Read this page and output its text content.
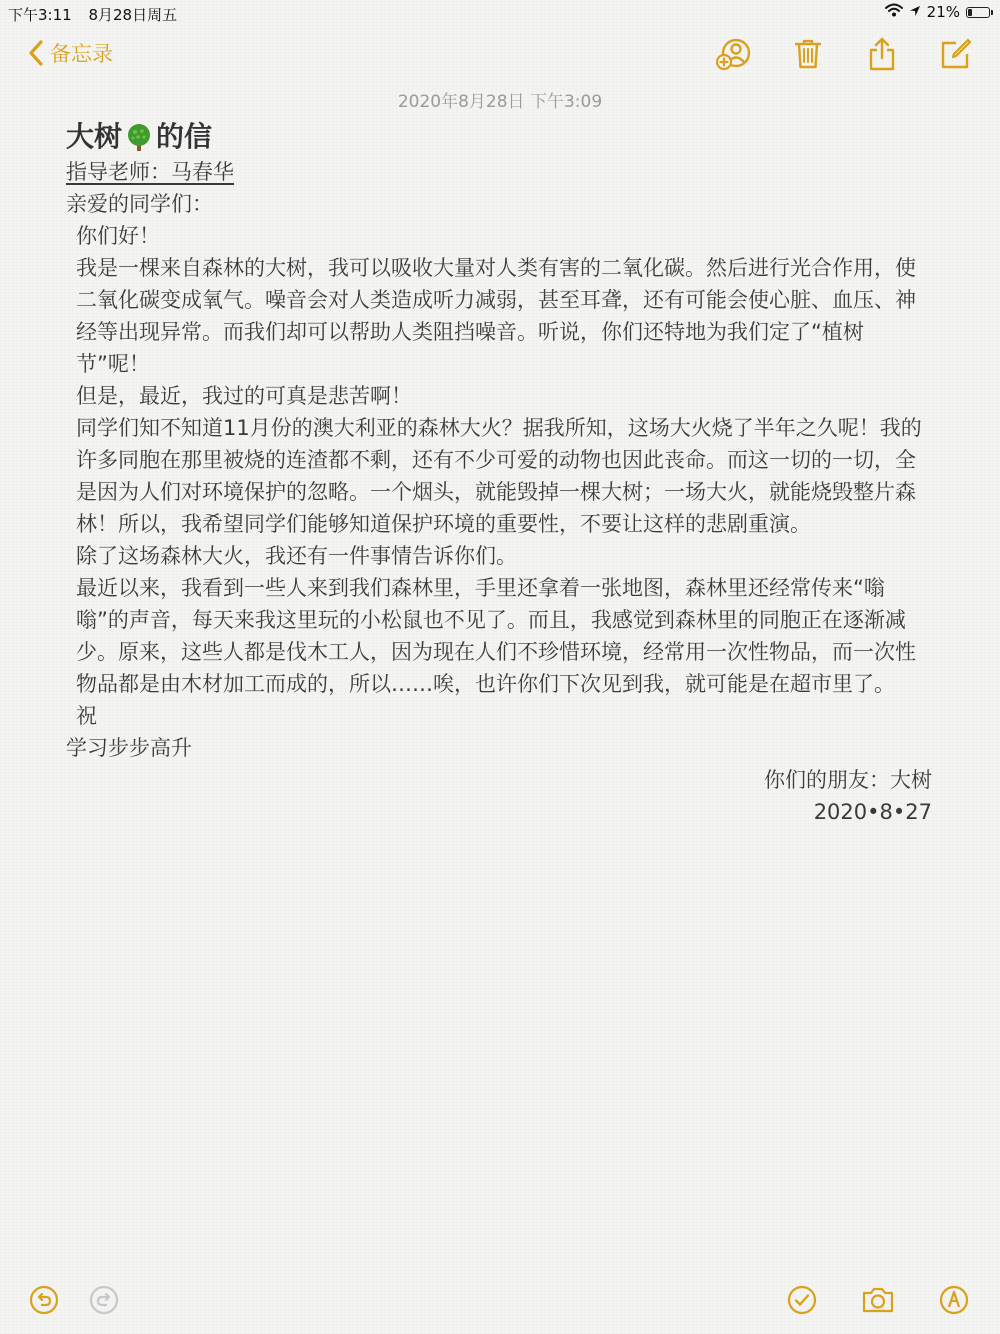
下午3:11 8月28日周五	21%
备忘录
2020年8月28日 下午3:09
大树 的信

指导老师：马春华

亲爱的同学们：

你们好！

我是一棵来自森林的大树，我可以吸收大量对人类有害的二氧化碳。然后进行光合作用，使二氧化碳变成氧气。噪音会对人类造成听力减弱，甚至耳聋，还有可能会使心脏、血压、神经等出现异常。而我们却可以帮助人类阻挡噪音。听说，你们还特地为我们定了“植树节”呢！

但是，最近，我过的可真是悲苦啊！

同学们知不知道11月份的澳大利亚的森林大火？据我所知，这场大火烧了半年之久呢！我的许多同胞在那里被烧的连渣都不剩，还有不少可爱的动物也因此丧命。而这一切的一切，全是因为人们对环境保护的忽略。一个烟头，就能毁掉一棵大树；一场大火，就能烧毁整片森林！所以，我希望同学们能够知道保护环境的重要性，不要让这样的悲剧重演。

除了这场森林大火，我还有一件事情告诉你们。

最近以来，我看到一些人来到我们森林里，手里还拿着一张地图，森林里还经常传来“嗡嗡”的声音，每天来我这里玩的小松鼠也不见了。而且，我感觉到森林里的同胞正在逐渐减少。原来，这些人都是伐木工人，因为现在人们不珍惜环境，经常用一次性物品，而一次性物品都是由木材加工而成的，所以……唉，也许你们下次见到我，就可能是在超市里了。

祝

学习步步高升

你们的朋友：大树

2020•8•27
